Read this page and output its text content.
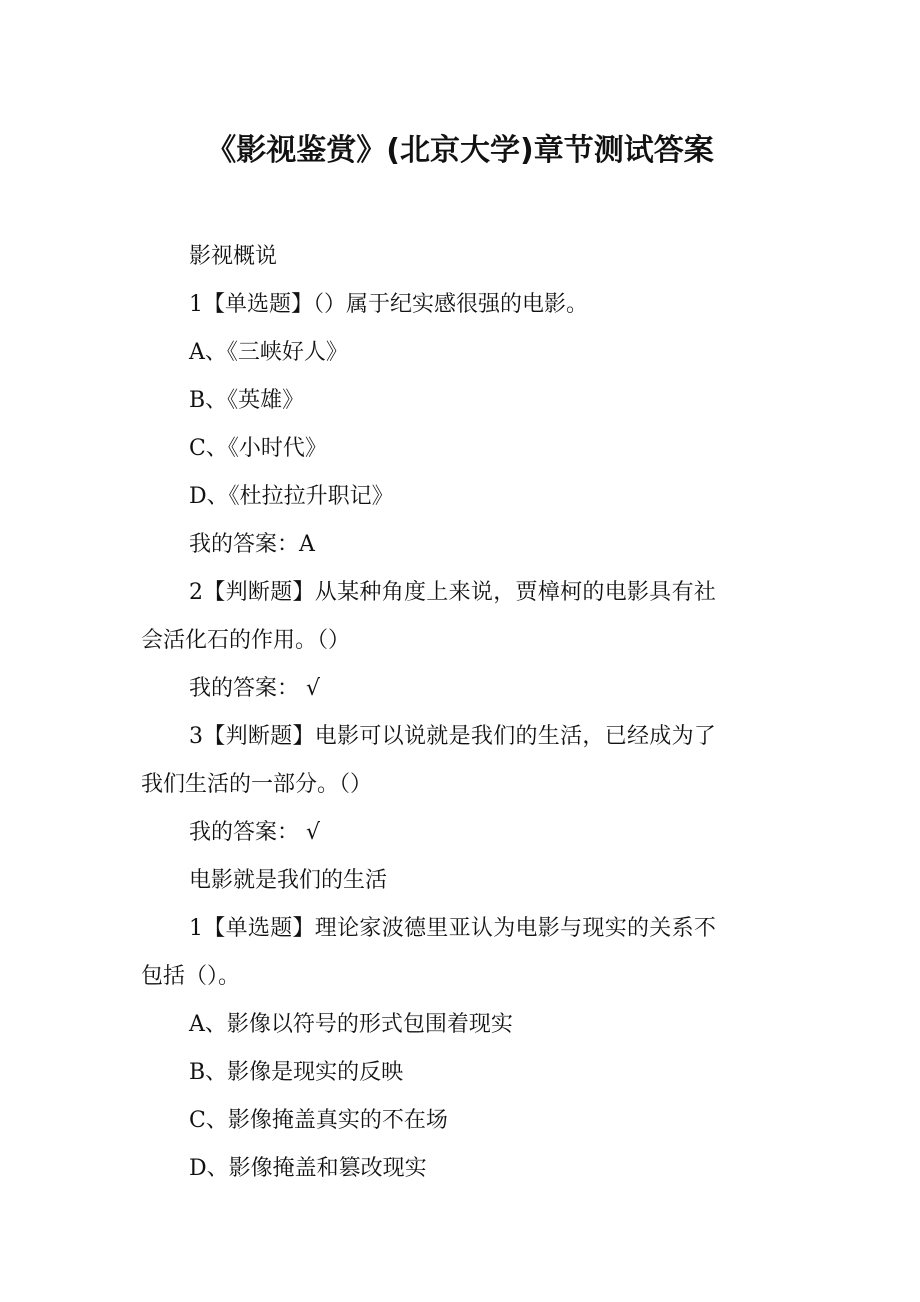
《影视鉴赏》(北京大学)章节测试答案
影视概说
1【单选题】（）属于纪实感很强的电影。
A、《三峡好人》
B、《英雄》
C、《小时代》
D、《杜拉拉升职记》
我的答案：A
2【判断题】从某种角度上来说，贾樟柯的电影具有社
会活化石的作用。（）
我的答案： √
3【判断题】电影可以说就是我们的生活，已经成为了
我们生活的一部分。（）
我的答案： √
电影就是我们的生活
1【单选题】理论家波德里亚认为电影与现实的关系不
包括（）。
A、影像以符号的形式包围着现实
B、影像是现实的反映
C、影像掩盖真实的不在场
D、影像掩盖和篡改现实
